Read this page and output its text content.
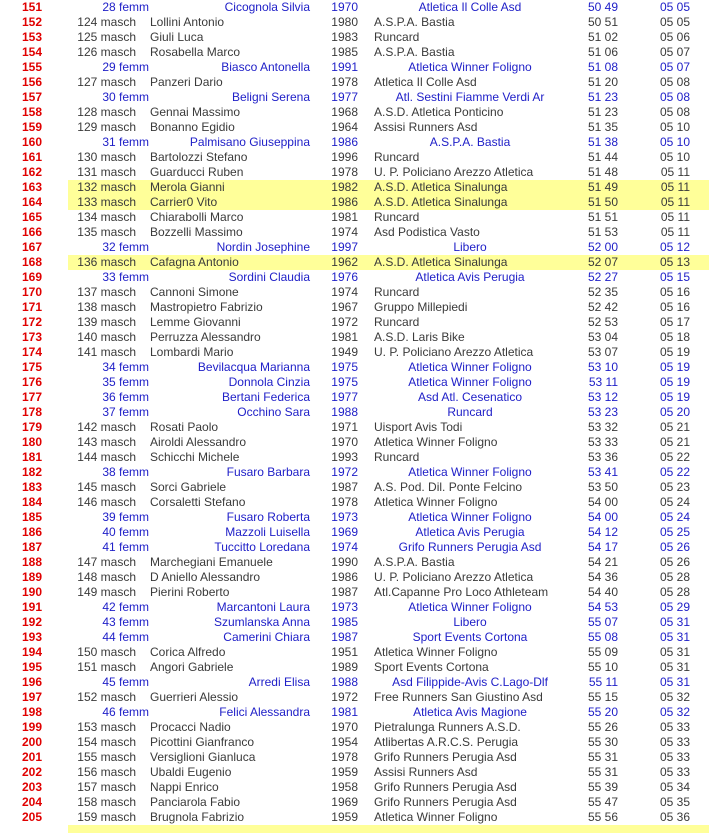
151	28 femm	Cicognola Silvia	1970	Atletica Il Colle Asd	50 49	05 05
152	124 masch Lollini Antonio	1980 A.S.P.A. Bastia	50 51	05 05
153	125 masch Giuli Luca	1983 Runcard	51 02	05 06
154	126 masch Rosabella Marco	1985 A.S.P.A. Bastia	51 06	05 07
155	29 femm	Biasco Antonella	1991	Atletica Winner Foligno	51 08	05 07
156	127 masch Panzeri Dario	1978 Atletica Il Colle Asd	51 20	05 08
157	30 femm	Beligni Serena	1977	Atl. Sestini Fiamme Verdi Ar	51 23	05 08
158	128 masch Gennai Massimo	1968 A.S.D. Atletica Ponticino	51 23	05 08
159	129 masch Bonanno Egidio	1964 Assisi Runners Asd	51 35	05 10
160	31 femm	Palmisano Giuseppina	1986	A.S.P.A. Bastia	51 38	05 10
161	130 masch Bartolozzi Stefano	1996 Runcard	51 44	05 10
162	131 masch Guarducci Ruben	1978 U. P. Policiano Arezzo Atletica	51 48	05 11
163	132 masch Merola Gianni	1982 A.S.D. Atletica Sinalunga	51 49	05 11
164	133 masch Carrier0 Vito	1986 A.S.D. Atletica Sinalunga	51 50	05 11
165	134 masch Chiarabolli Marco	1981 Runcard	51 51	05 11
166	135 masch Bozzelli Massimo	1974 Asd Podistica Vasto	51 53	05 11
167	32 femm	Nordin Josephine	1997	Libero	52 00	05 12
168	136 masch Cafagna Antonio	1962 A.S.D. Atletica Sinalunga	52 07	05 13
169	33 femm	Sordini Claudia	1976	Atletica Avis Perugia	52 27	05 15
170	137 masch Cannoni Simone	1974 Runcard	52 35	05 16
171	138 masch Mastropietro Fabrizio	1967 Gruppo Millepiedi	52 42	05 16
172	139 masch Lemme Giovanni	1972 Runcard	52 53	05 17
173	140 masch Perruzza Alessandro	1981 A.S.D. Laris Bike	53 04	05 18
174	141 masch Lombardi Mario	1949 U. P. Policiano Arezzo Atletica	53 07	05 19
175	34 femm	Bevilacqua Marianna	1975	Atletica Winner Foligno	53 10	05 19
176	35 femm	Donnola Cinzia	1975	Atletica Winner Foligno	53 11	05 19
177	36 femm	Bertani Federica	1977	Asd Atl. Cesenatico	53 12	05 19
178	37 femm	Occhino Sara	1988	Runcard	53 23	05 20
179	142 masch Rosati Paolo	1971 Uisport Avis Todi	53 32	05 21
180	143 masch Airoldi Alessandro	1970 Atletica Winner Foligno	53 33	05 21
181	144 masch Schicchi Michele	1993 Runcard	53 36	05 22
182	38 femm	Fusaro Barbara	1972	Atletica Winner Foligno	53 41	05 22
183	145 masch Sorci Gabriele	1987 A.S. Pod. Dil. Ponte Felcino	53 50	05 23
184	146 masch Corsaletti Stefano	1978 Atletica Winner Foligno	54 00	05 24
185	39 femm	Fusaro Roberta	1973	Atletica Winner Foligno	54 00	05 24
186	40 femm	Mazzoli Luisella	1969	Atletica Avis Perugia	54 12	05 25
187	41 femm	Tuccitto Loredana	1974	Grifo Runners Perugia Asd	54 17	05 26
188	147 masch Marchegiani Emanuele	1990 A.S.P.A. Bastia	54 21	05 26
189	148 masch D Aniello Alessandro	1986 U. P. Policiano Arezzo Atletica	54 36	05 28
190	149 masch Pierini Roberto	1987 Atl.Capanne Pro Loco Athleteam	54 40	05 28
191	42 femm	Marcantoni Laura	1973	Atletica Winner Foligno	54 53	05 29
192	43 femm	Szumlanska Anna	1985	Libero	55 07	05 31
193	44 femm	Camerini Chiara	1987	Sport Events Cortona	55 08	05 31
194	150 masch Corica Alfredo	1951 Atletica Winner Foligno	55 09	05 31
195	151 masch Angori Gabriele	1989 Sport Events Cortona	55 10	05 31
196	45 femm	Arredi Elisa	1988	Asd Filippide-Avis C.Lago-Dlf	55 11	05 31
197	152 masch Guerrieri Alessio	1972 Free Runners San Giustino Asd	55 15	05 32
198	46 femm	Felici Alessandra	1981	Atletica Avis Magione	55 20	05 32
199	153 masch Procacci Nadio	1970 Pietralunga Runners A.S.D.	55 26	05 33
200	154 masch Picottini Gianfranco	1954 Atlibertas A.R.C.S. Perugia	55 30	05 33
201	155 masch Versiglioni Gianluca	1978 Grifo Runners Perugia Asd	55 31	05 33
202	156 masch Ubaldi Eugenio	1959 Assisi Runners Asd	55 31	05 33
203	157 masch Nappi Enrico	1958 Grifo Runners Perugia Asd	55 39	05 34
204	158 masch Panciarola Fabio	1969 Grifo Runners Perugia Asd	55 47	05 35
205	159 masch Brugnola Fabrizio	1959 Atletica Winner Foligno	55 56	05 36
